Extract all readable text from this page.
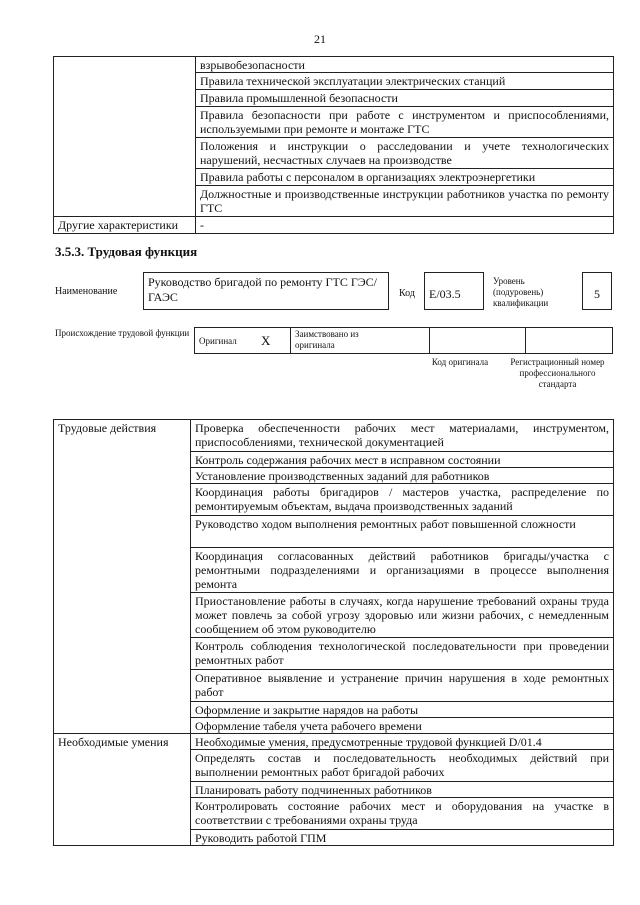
21
	взрывобезопасности
	Правила технической эксплуатации электрических станций
	Правила промышленной безопасности
	Правила безопасности при работе с инструментом и приспособлениями, используемыми при ремонте и монтаже ГТС
	Положения и инструкции о расследовании и учете технологических нарушений, несчастных случаев на производстве
	Правила работы с персоналом в организациях электроэнергетики
	Должностные и производственные инструкции работников участка по ремонту ГТС
Другие характеристики	-
3.5.3. Трудовая функция
Наименование
Руководство бригадой по ремонту ГТС ГЭС/ГАЭС	Код	E/03.5
Уровень (подуровень) квалификации
5
Происхождение трудовой функции
Оригинал X	Заимствовано из оригинала
Код оригинала	Регистрационный номер профессионального стандарта
Трудовые действия	Проверка обеспеченности рабочих мест материалами, инструментом, приспособлениями, технической документацией
	Контроль содержания рабочих мест в исправном состоянии
	Установление производственных заданий для работников
	Координация работы бригадиров / мастеров участка, распределение по ремонтируемым объектам, выдача производственных заданий
	Руководство ходом выполнения ремонтных работ повышенной сложности
	Координация согласованных действий работников бригады/участка с ремонтными подразделениями и организациями в процессе выполнения ремонта
	Приостановление работы в случаях, когда нарушение требований охраны труда может повлечь за собой угрозу здоровью или жизни рабочих, с немедленным сообщением об этом руководителю
	Контроль соблюдения технологической последовательности при проведении ремонтных работ
	Оперативное выявление и устранение причин нарушения в ходе ремонтных работ
	Оформление и закрытие нарядов на работы
	Оформление табеля учета рабочего времени
Необходимые умения	Необходимые умения, предусмотренные трудовой функцией D/01.4
	Определять состав и последовательность необходимых действий при выполнении ремонтных работ бригадой рабочих
	Планировать работу подчиненных работников
	Контролировать состояние рабочих мест и оборудования на участке в соответствии с требованиями охраны труда
	Руководить работой ГПМ
